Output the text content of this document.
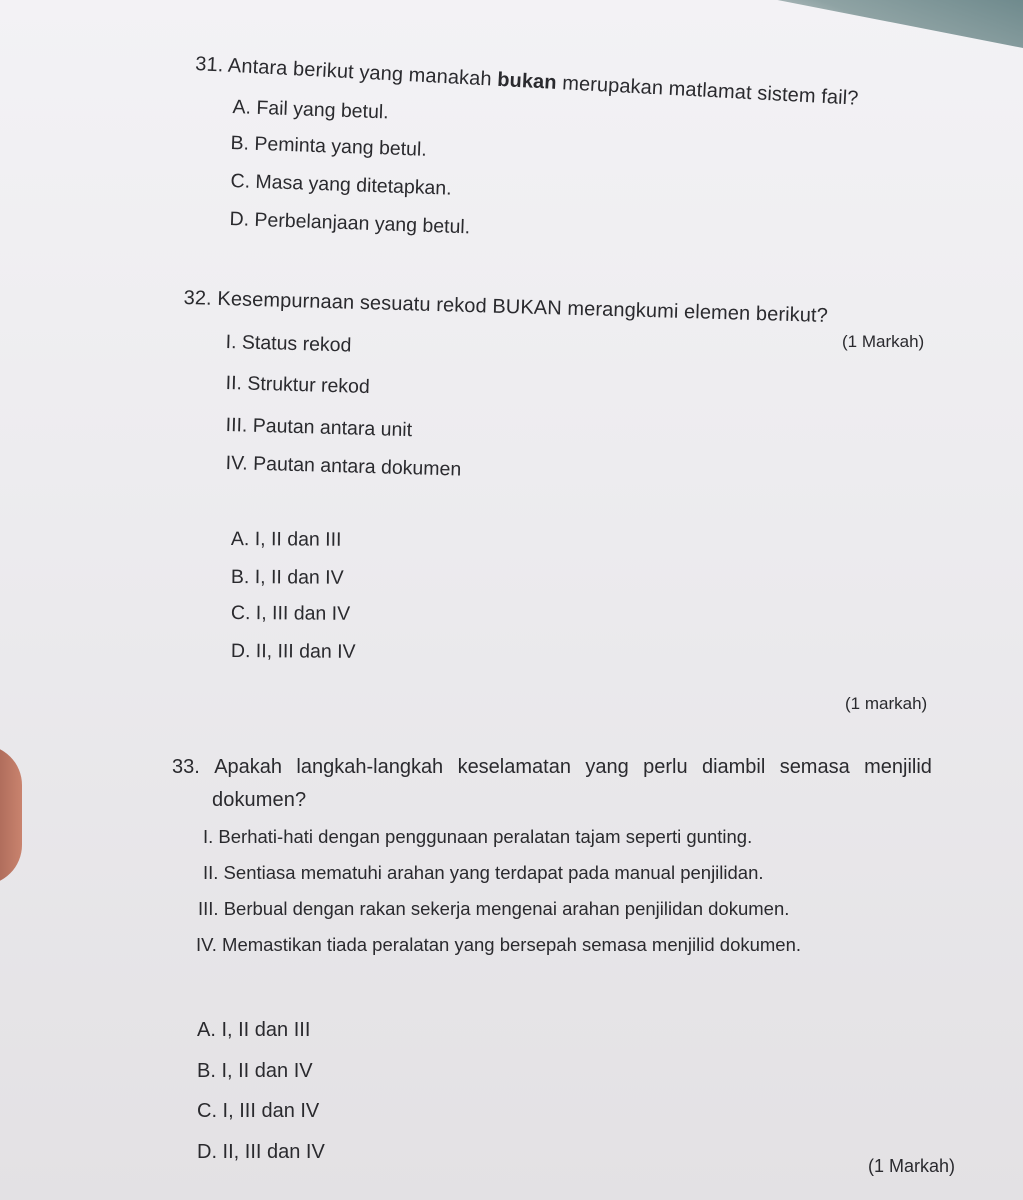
31. Antara berikut yang manakah bukan merupakan matlamat sistem fail?
A. Fail yang betul.
B. Peminta yang betul.
C. Masa yang ditetapkan.
D. Perbelanjaan yang betul.
32. Kesempurnaan sesuatu rekod BUKAN merangkumi elemen berikut?
(1 Markah)
I. Status rekod
II. Struktur rekod
III. Pautan antara unit
IV. Pautan antara dokumen
A. I, II dan III
B. I, II dan IV
C. I, III dan IV
D. II, III dan IV
(1 markah)
33. Apakah langkah-langkah keselamatan yang perlu diambil semasa menjilid
dokumen?
I. Berhati-hati dengan penggunaan peralatan tajam seperti gunting.
II. Sentiasa mematuhi arahan yang terdapat pada manual penjilidan.
III. Berbual dengan rakan sekerja mengenai arahan penjilidan dokumen.
IV. Memastikan tiada peralatan yang bersepah semasa menjilid dokumen.
A. I, II dan III
B. I, II dan IV
C. I, III dan IV
D. II, III dan IV
(1 Markah)
